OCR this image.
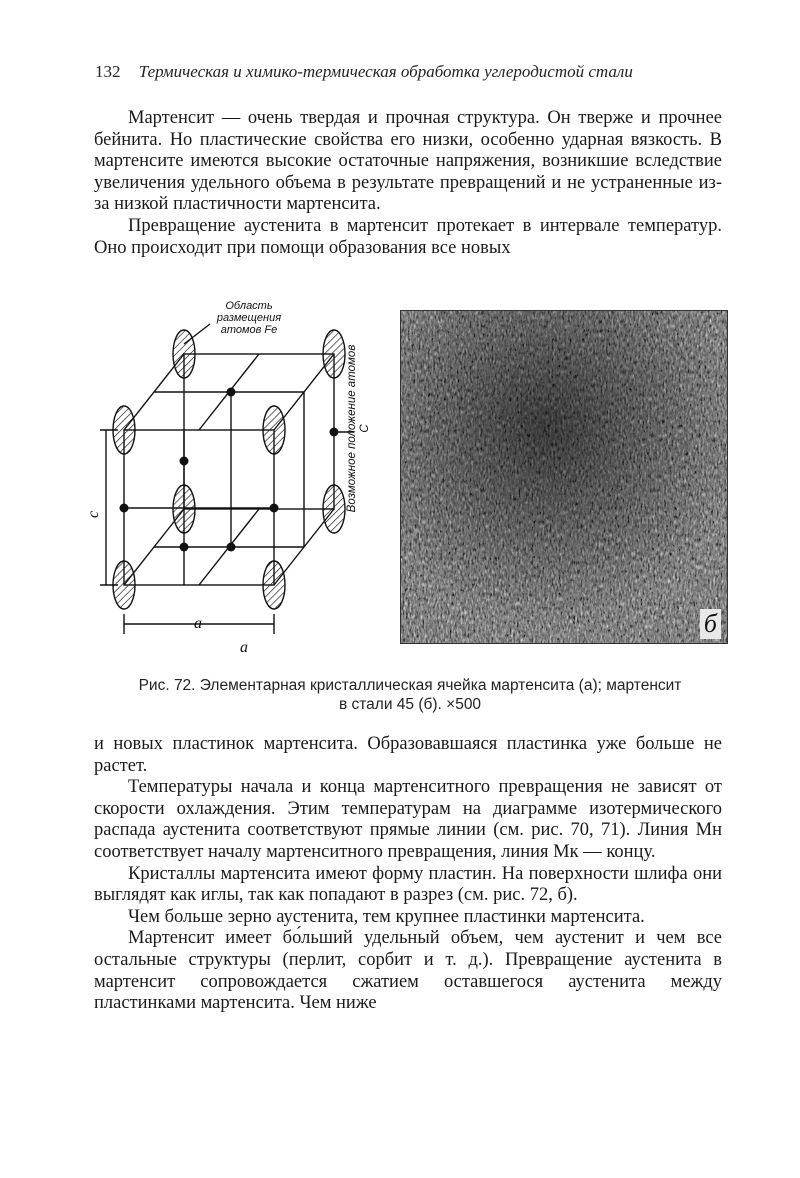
132 Термическая и химико-термическая обработка углеродистой стали

Мартенсит — очень твердая и прочная структура. Он тверже и прочнее бейнита. Но пластические свойства его низки, особенно ударная вязкость. В мартенсите имеются высокие остаточные напряжения, возникшие вследствие увеличения удельного объема в результате превращений и не устраненные из-за низкой пластичности мартенсита.

Превращение аустенита в мартенсит протекает в интервале температур. Оно происходит при помощи образования все новых

Область размещения атомов Fe
Возможное положение атомов С
c
a
a
б
Рис. 72. Элементарная кристаллическая ячейка мартенсита (а); мартенсит
в стали 45 (б). ×500

и новых пластинок мартенсита. Образовавшаяся пластинка уже больше не растет.

Температуры начала и конца мартенситного превращения не зависят от скорости охлаждения. Этим температурам на диаграмме изотермического распада аустенита соответствуют прямые линии (см. рис. 70, 71). Линия Мн соответствует началу мартенситного превращения, линия Мк — концу.

Кристаллы мартенсита имеют форму пластин. На поверхности шлифа они выглядят как иглы, так как попадают в разрез (см. рис. 72, б).

Чем больше зерно аустенита, тем крупнее пластинки мартенсита.

Мартенсит имеет бо́льший удельный объем, чем аустенит и чем все остальные структуры (перлит, сорбит и т. д.). Превращение аустенита в мартенсит сопровождается сжатием оставшегося аустенита между пластинками мартенсита. Чем ниже
